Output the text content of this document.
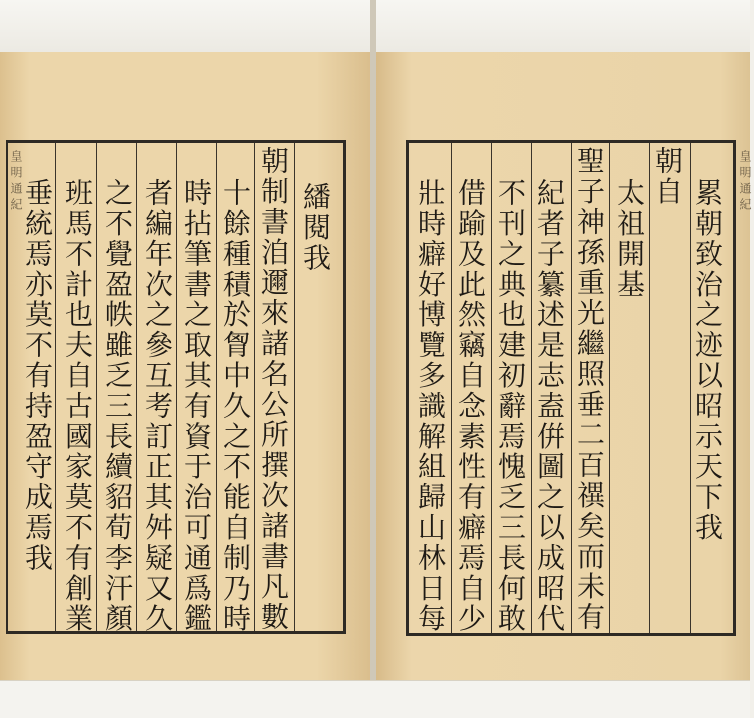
皇明通紀	皇明通紀
繙閱我
朝制書洎邇來諸名公所撰次諸書凡數
十餘種積於胷中久之不能自制乃時
時拈筆書之取其有資于治可通爲鑑
者編年次之參互考訂正其舛疑又久
之不覺盈帙雖乏三長續貂荀李汗顏
班馬不計也夫自古國家莫不有創業
垂統焉亦莫不有持盈守成焉我	累朝致治之迹以昭示天下我
朝自
太祖開基
聖子神孫重光繼照垂二百禩矣而未有
紀者子纂述是志盍倂圖之以成昭代
不刊之典也建初辭焉愧乏三長何敢
借踰及此然竊自念素性有癖焉自少
壯時癖好博覽多識解組歸山林日每
